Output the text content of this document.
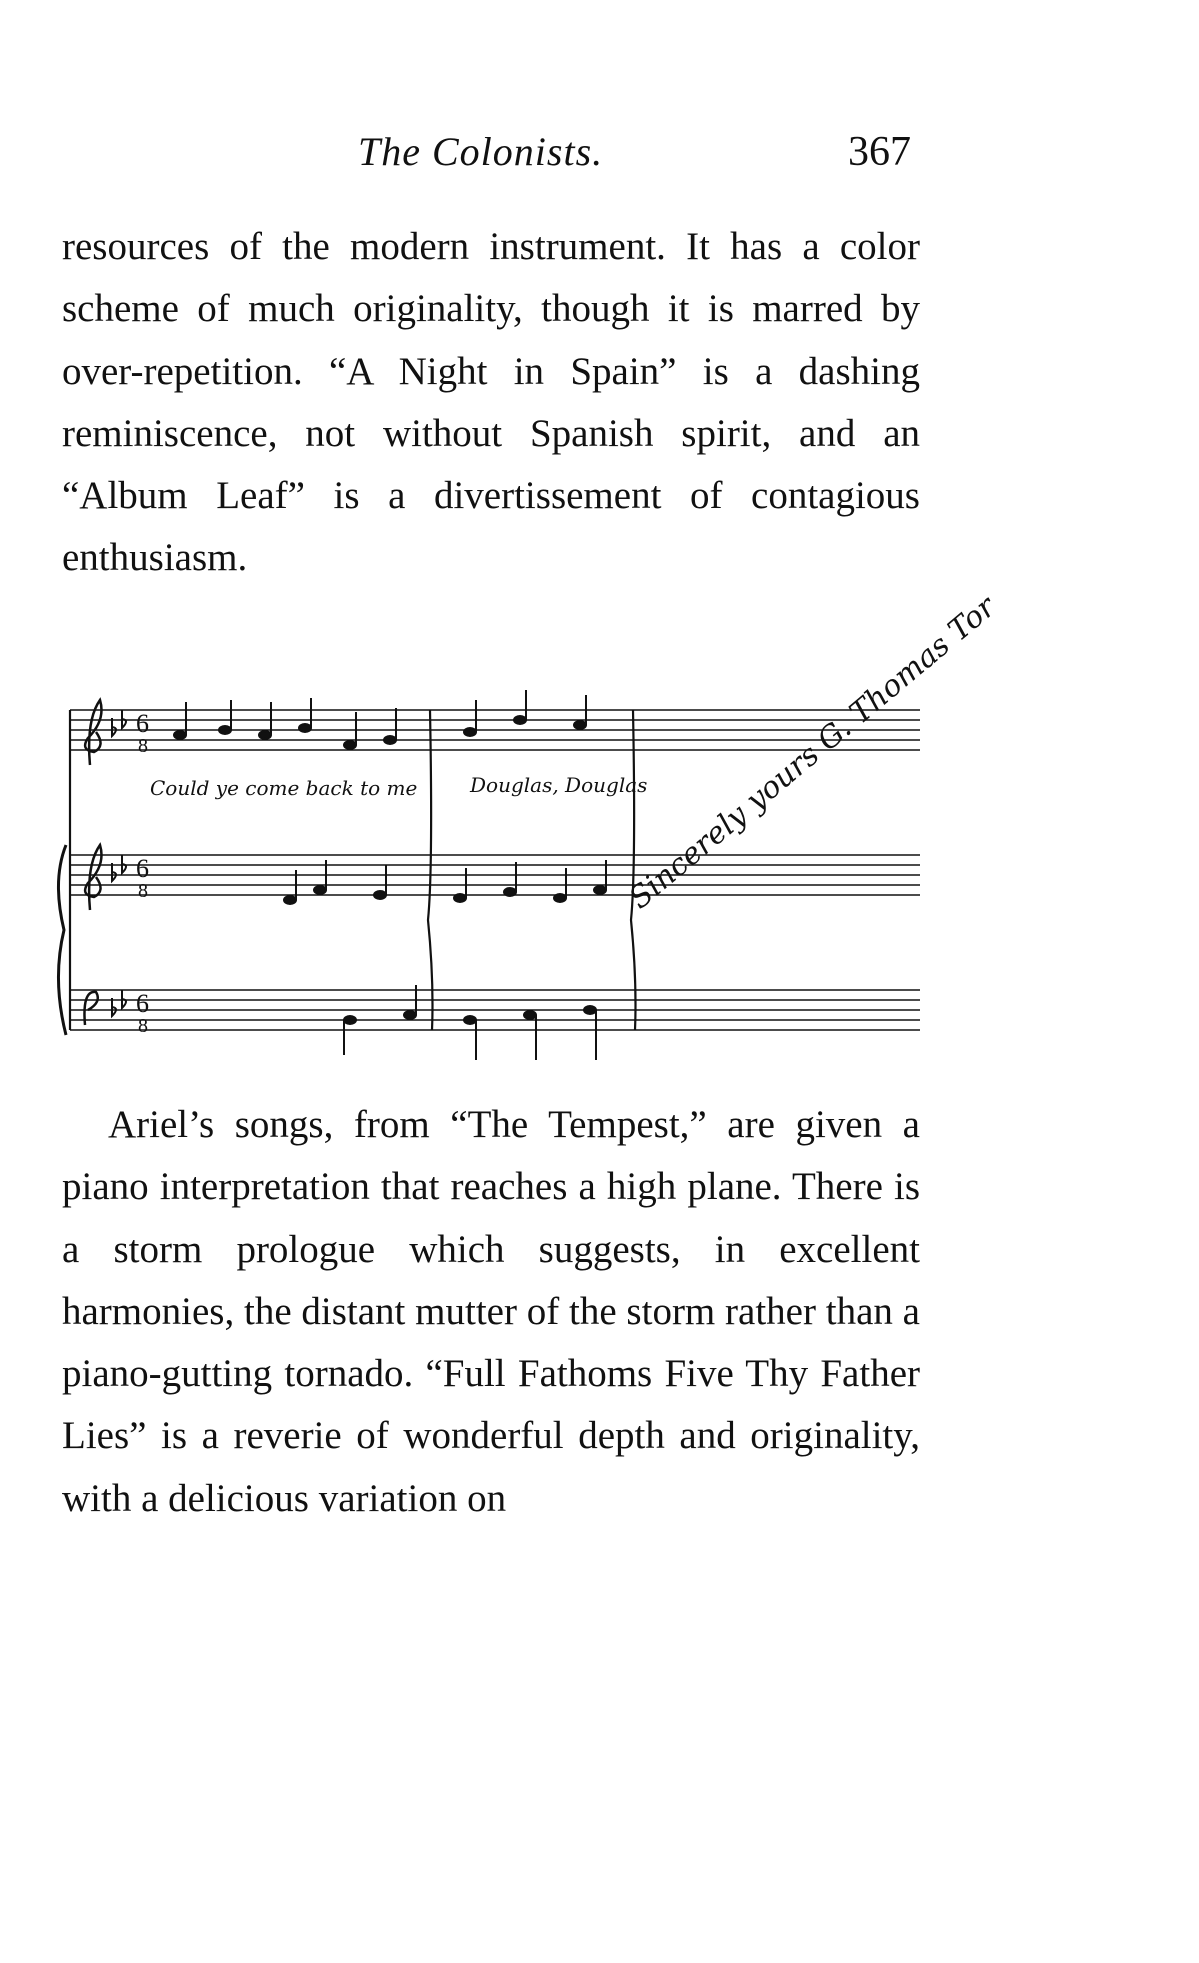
The Colonists.	367

resources of the modern instrument. It has a color scheme of much originality, though it is marred by over-repetition. “A Night in Spain” is a dashing reminiscence, not without Spanish spirit, and an “Album Leaf” is a divertissement of contagious enthusiasm.

6
8
6
8
6
8
Could ye come back to me	Douglas, Douglas
Sincerely yours G. Thomas Tor

Ariel’s songs, from “The Tempest,” are given a piano interpretation that reaches a high plane. There is a storm prologue which suggests, in excellent harmonies, the distant mutter of the storm rather than a piano-gutting tornado. “Full Fathoms Five Thy Father Lies” is a reverie of wonderful depth and originality, with a delicious variation on
